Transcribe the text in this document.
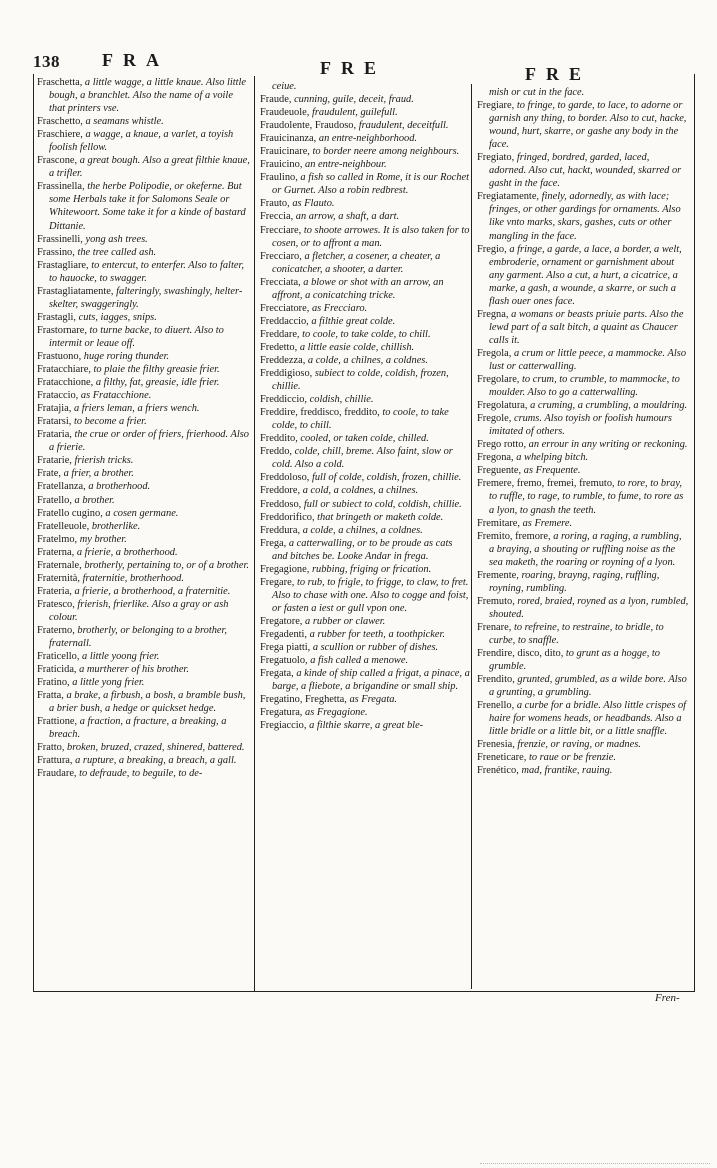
138 FRA	FRE	FRE

Fraschetta, a little wagge, a little knaue. Also little bough, a branchlet. Also the name of a voile that printers vse.

Fraschetto, a seamans whistle.

Fraschiere, a wagge, a knaue, a varlet, a toyish foolish fellow.

Frascone, a great bough. Also a great filthie knaue, a trifler.

Frassinella, the herbe Polipodie, or okeferne. But some Herbals take it for Salomons Seale or Whitewoort. Some take it for a kinde of bastard Dittanie.

Frassinelli, yong ash trees.

Frassino, the tree called ash.

Frastagliare, to entercut, to enterfer. Also to falter, to hauocke, to swagger.

Frastagliatamente, falteringly, swashingly, helter-skelter, swaggeringly.

Frastagli, cuts, iagges, snips.

Frastornare, to turne backe, to diuert. Also to intermit or leaue off.

Frastuono, huge roring thunder.

Fratacchiare, to plaie the filthy greasie frier.

Fratacchione, a filthy, fat, greasie, idle frier.

Frataccio, as Fratacchione.

Fratajia, a friers leman, a friers wench.

Fratarsi, to become a frier.

Frataria, the crue or order of friers, frierhood. Also a frierie.

Fratarie, frierish tricks.

Frate, a frier, a brother.

Fratellanza, a brotherhood.

Fratello, a brother.

Fratello cugino, a cosen germane.

Fratelleuole, brotherlike.

Fratelmo, my brother.

Fraterna, a frierie, a brotherhood.

Fraternale, brotherly, pertaining to, or of a brother.

Fraternità, fraternitie, brotherhood.

Frateria, a frierie, a brotherhood, a fraternitie.

Fratesco, frierish, frierlike. Also a gray or ash colour.

Fraterno, brotherly, or belonging to a brother, fraternall.

Fraticello, a little yoong frier.

Fraticida, a murtherer of his brother.

Fratino, a little yong frier.

Fratta, a brake, a firbush, a bosh, a bramble bush, a brier bush, a hedge or quickset hedge.

Frattione, a fraction, a fracture, a breaking, a breach.

Fratto, broken, bruzed, crazed, shinered, battered.

Frattura, a rupture, a breaking, a breach, a gall.

Fraudare, to defraude, to beguile, to de-

ceiue.

Fraude, cunning, guile, deceit, fraud.

Fraudeuole, fraudulent, guilefull.

Fraudolente, Fraudoso, fraudulent, deceitfull.

Frauicinanza, an entre-neighborhood.

Frauicinare, to border neere among neighbours.

Frauicino, an entre-neighbour.

Fraulino, a fish so called in Rome, it is our Rochet or Gurnet. Also a robin redbrest.

Frauto, as Flauto.

Freccia, an arrow, a shaft, a dart.

Frecciare, to shoote arrowes. It is also taken for to cosen, or to affront a man.

Frecciaro, a fletcher, a cosener, a cheater, a conicatcher, a shooter, a darter.

Frecciata, a blowe or shot with an arrow, an affront, a conicatching tricke.

Frecciatore, as Frecciaro.

Freddaccio, a filthie great colde.

Freddare, to coole, to take colde, to chill.

Fredetto, a little easie colde, chillish.

Freddezza, a colde, a chilnes, a coldnes.

Freddigioso, subiect to colde, coldish, frozen, chillie.

Freddiccio, coldish, chillie.

Freddire, freddisco, freddito, to coole, to take colde, to chill.

Freddito, cooled, or taken colde, chilled.

Freddo, colde, chill, breme. Also faint, slow or cold. Also a cold.

Freddoloso, full of colde, coldish, frozen, chillie.

Freddore, a cold, a coldnes, a chilnes.

Freddoso, full or subiect to cold, coldish, chillie.

Freddorifico, that bringeth or maketh colde.

Freddura, a colde, a chilnes, a coldnes.

Frega, a catterwalling, or to be proude as cats and bitches be. Looke Andar in frega.

Fregagione, rubbing, friging or frication.

Fregare, to rub, to frigle, to frigge, to claw, to fret. Also to chase with one. Also to cogge and foist, or fasten a iest or gull vpon one.

Fregatore, a rubber or clawer.

Fregadenti, a rubber for teeth, a toothpicker.

Frega piatti, a scullion or rubber of dishes.

Fregatuolo, a fish called a menowe.

Fregata, a kinde of ship called a frigat, a pinace, a barge, a fliebote, a brigandine or small ship.

Fregatino, Freghetta, as Fregata.

Fregatura, as Fregagione.

Fregiaccio, a filthie skarre, a great ble-

mish or cut in the face.

Fregiare, to fringe, to garde, to lace, to adorne or garnish any thing, to border. Also to cut, hacke, wound, hurt, skarre, or gashe any body in the face.

Fregiato, fringed, bordred, garded, laced, adorned. Also cut, hackt, wounded, skarred or gasht in the face.

Fregiatamente, finely, adornedly, as with lace; fringes, or other gardings for ornaments. Also like vnto marks, skars, gashes, cuts or other mangling in the face.

Fregio, a fringe, a garde, a lace, a border, a welt, embroderie, ornament or garnishment about any garment. Also a cut, a hurt, a cicatrice, a marke, a gash, a wounde, a skarre, or such a flash ouer ones face.

Fregna, a womans or beasts priuie parts. Also the lewd part of a salt bitch, a quaint as Chaucer calls it.

Fregola, a crum or little peece, a mammocke. Also lust or catterwalling.

Fregolare, to crum, to crumble, to mammocke, to moulder. Also to go a catterwalling.

Fregolatura, a cruming, a crumbling, a mouldring.

Fregole, crums. Also toyish or foolish humours imitated of others.

Frego rotto, an errour in any writing or reckoning.

Fregona, a whelping bitch.

Freguente, as Frequente.

Fremere, fremo, fremei, fremuto, to rore, to bray, to ruffle, to rage, to rumble, to fume, to rore as a lyon, to gnash the teeth.

Fremitare, as Fremere.

Fremito, fremore, a roring, a raging, a rumbling, a braying, a shouting or ruffling noise as the sea maketh, the roaring or royning of a lyon.

Fremente, roaring, brayng, raging, ruffling, royning, rumbling.

Fremuto, rored, braied, royned as a lyon, rumbled, shouted.

Frenare, to refreine, to restraine, to bridle, to curbe, to snaffle.

Frendire, disco, dito, to grunt as a hogge, to grumble.

Frendito, grunted, grumbled, as a wilde bore. Also a grunting, a grumbling.

Frenello, a curbe for a bridle. Also little crispes of haire for womens heads, or headbands. Also a little bridle or a little bit, or a little snaffle.

Frenesia, frenzie, or raving, or madnes.

Freneticare, to raue or be frenzie.

Frenético, mad, frantike, rauing.

Fren-
